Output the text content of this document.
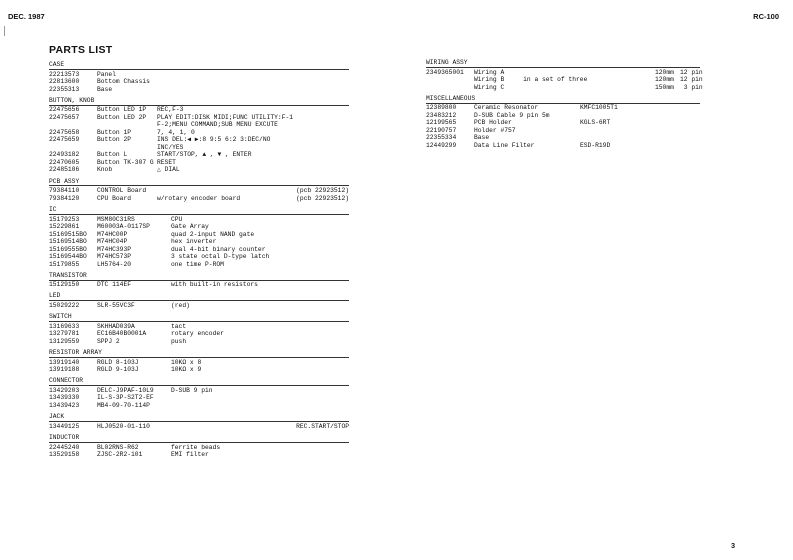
DEC. 1987	RC-100
PARTS LIST
CASE
22213573	Panel
22813600	Bottom Chassis
22355313	Base
BUTTON, KNOB
22475656	Button LED 1P	REC,F-3
22475657	Button LED 2P	PLAY EDIT:DISK MIDI;FUNC UTILITY:F-1
F-2;MENU COMMAND;SUB MENU EXCUTE
22475658	Button 1P	7, 4, 1, 0
22475659	Button 2P	INS DEL:◀ ▶:8 9:5 6:2 3:DEC/NO
INC/YES
22493182	Button L	START/STOP, ▲ , ▼ , ENTER
22470605	Button TK-307 G RESET
22485106	Knob	△ DIAL
PCB ASSY
79384110	CONTROL Board	(pcb 22923512)
79384120	CPU Board	w/rotary encoder board	(pcb 22923512)
IC
15179253	MSM80C31RS	CPU
15229861	M60003A-0117SP	Gate Array
15169515BO	M74HC00P	quad 2-input NAND gate
15169514BO	M74HC04P	hex inverter
15169555BO	M74HC393P	dual 4-bit binary counter
15169544BO	M74HC573P	3 state octal D-type latch
15179855	LH5764-20	one time P-ROM
TRANSISTOR
15129150	DTC 114EF	with built-in resistors
LED
15029222	SLR-55VC3F	(red)
SWITCH
13169633	SKHHAD039A	tact
13279781	EC16B40B0001A	rotary encoder
13129559	SPPJ 2	push
RESISTOR ARRAY
13919140	RGLD 8-103J	10KΩ x 8
13919188	RGLD 9-103J	10KΩ x 9
CONNECTOR
13429203	DELC-J9PAF-10L9	D-SUB 9 pin
13439330	IL-S-3P-S2T2-EF
13439423	MB4-09-70-114P
JACK
13449125	HLJ0520-01-110	REC.START/STOP
INDUCTOR
22445240	BL02RNS-R62	ferrite beads
13529158	ZJSC-2R2-101	EMI filter
WIRING ASSY
2349365001	Wiring A	120mm 12 pin
Wiring B     in a set of three	120mm 12 pin
Wiring C	150mm 3 pin
MISCELLANEOUS
12389800	Ceramic Resonator	KMFC1005T1
23483212	D-SUB Cable 9 pin 5m
12199565	PCB Holder	KGLS-6RT
22190757	Holder #757
22355334	Base
12449299	Data Line Filter	ESD-R19D
3
